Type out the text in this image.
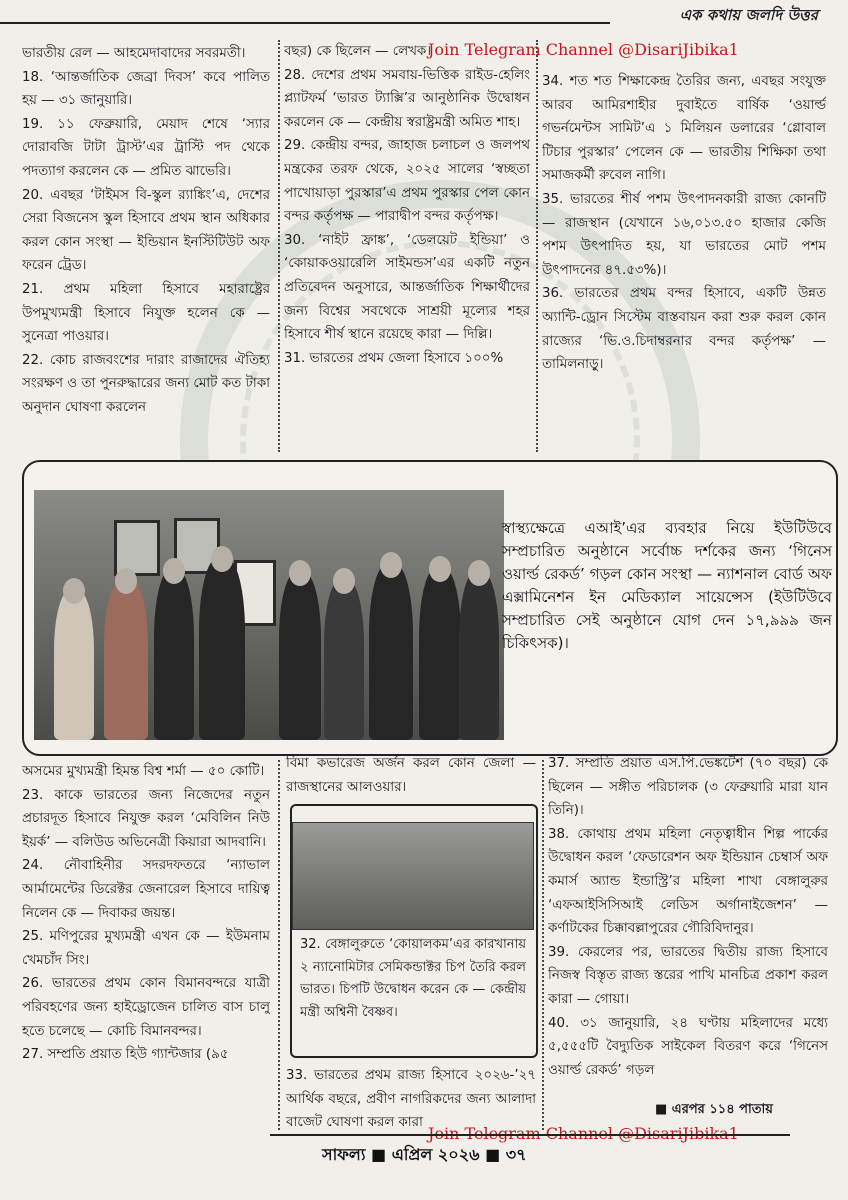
এক কথায় জলদি উত্তর
Join Telegram Channel @DisariJibika1

ভারতীয় রেল — আহমেদাবাদের সবরমতী।

18. ‘আন্তর্জাতিক জেব্রা দিবস’ কবে পালিত হয় — ৩১ জানুয়ারি।

19. ১১ ফেব্রুয়ারি, মেয়াদ শেষে ‘স্যার দোরাবজি টাটা ট্রাস্ট’এর ট্রাস্টি পদ থেকে পদত্যাগ করলেন কে — প্রমিত ঝাভেরি।

20. এবছর ‘টাইমস বি-স্কুল র‍্যাঙ্কিং’এ, দেশের সেরা বিজনেস স্কুল হিসাবে প্রথম স্থান অধিকার করল কোন সংস্থা — ইন্ডিয়ান ইনস্টিটিউট অফ ফরেন ট্রেড।

21. প্রথম মহিলা হিসাবে মহারাষ্ট্রের উপমুখ্যমন্ত্রী হিসাবে নিযুক্ত হলেন কে — সুনেত্রা পাওয়ার।

22. কোচ রাজবংশের দারাং রাজাদের ঐতিহ্য সংরক্ষণ ও তা পুনরুদ্ধারের জন্য মোট কত টাকা অনুদান ঘোষণা করলেন

বছর) কে ছিলেন — লেখক।

28. দেশের প্রথম সমবায়-ভিত্তিক রাইড-হেলিং প্ল্যাটফর্ম ‘ভারত ট্যাক্সি’র আনুষ্ঠানিক উদ্বোধন করলেন কে — কেন্দ্রীয় স্বরাষ্ট্রমন্ত্রী অমিত শাহ।

29. কেন্দ্রীয় বন্দর, জাহাজ চলাচল ও জলপথ মন্ত্রকের তরফ থেকে, ২০২৫ সালের ‘স্বচ্ছতা পাখোয়াড়া পুরস্কার’এ প্রথম পুরস্কার পেল কোন বন্দর কর্তৃপক্ষ — পারাদ্বীপ বন্দর কর্তৃপক্ষ।

30. ‘নাইট ফ্রাঙ্ক’, ‘ডেলয়েট ইন্ডিয়া’ ও ‘কোয়াকওয়ারেলি সাইমন্ডস’এর একটি নতুন প্রতিবেদন অনুসারে, আন্তর্জাতিক শিক্ষার্থীদের জন্য বিশ্বের সবথেকে সাশ্রয়ী মূল্যের শহর হিসাবে শীর্ষ স্থানে রয়েছে কারা — দিল্লি।

31. ভারতের প্রথম জেলা হিসাবে ১০০%

34. শত শত শিক্ষাকেন্দ্র তৈরির জন্য, এবছর সংযুক্ত আরব আমিরশাহীর দুবাইতে বার্ষিক ‘ওয়ার্ল্ড গভর্নমেন্টস সামিট’এ ১ মিলিয়ন ডলারের ‘গ্লোবাল টিচার পুরস্কার’ পেলেন কে — ভারতীয় শিক্ষিকা তথা সমাজকর্মী রুবেল নাগি।

35. ভারতের শীর্ষ পশম উৎপাদনকারী রাজ্য কোনটি — রাজস্থান (যেখানে ১৬,০১৩.৫০ হাজার কেজি পশম উৎপাদিত হয়, যা ভারতের মোট পশম উৎপাদনের ৪৭.৫৩%)।

36. ভারতের প্রথম বন্দর হিসাবে, একটি উন্নত অ্যান্টি-ড্রোন সিস্টেম বাস্তবায়ন করা শুরু করল কোন রাজ্যের ‘ভি.ও.চিদাম্বরনার বন্দর কর্তৃপক্ষ’ — তামিলনাড়ু।

স্বাস্থ্যক্ষেত্রে এআই’এর ব্যবহার নিয়ে ইউটিউবে সম্প্রচারিত অনুষ্ঠানে সর্বোচ্চ দর্শকের জন্য ‘গিনেস ওয়ার্ল্ড রেকর্ড’ গড়ল কোন সংস্থা — ন্যাশনাল বোর্ড অফ এক্সামিনেশন ইন মেডিক্যাল সায়েন্সেস (ইউটিউবে সম্প্রচারিত সেই অনুষ্ঠানে যোগ দেন ১৭,৯৯৯ জন চিকিৎসক)।

অসমের মুখ্যমন্ত্রী হিমন্ত বিশ্ব শর্মা — ৫০ কোটি।

23. কাকে ভারতের জন্য নিজেদের নতুন প্রচারদূত হিসাবে নিযুক্ত করল ‘মেবিলিন নিউ ইয়র্ক’ — বলিউড অভিনেত্রী কিয়ারা আদবানি।

24. নৌবাহিনীর সদরদফতরে ‘ন্যাভাল আর্মামেন্টের ডিরেক্টর জেনারেল হিসাবে দায়িত্ব নিলেন কে — দিবাকর জয়ন্ত।

25. মণিপুরের মুখ্যমন্ত্রী এখন কে — ইউমনাম খেমচাঁদ সিং।

26. ভারতের প্রথম কোন বিমানবন্দরে যাত্রী পরিবহণের জন্য হাইড্রোজেন চালিত বাস চালু হতে চলেছে — কোচি বিমানবন্দর।

27. সম্প্রতি প্রয়াত হিউ গ্যান্টজার (৯৫

বিমা কভারেজ অর্জন করল কোন জেলা — রাজস্থানের আলওয়ার।

32. বেঙ্গালুরুতে ‘কোয়ালকম’এর কারখানায় ২ ন্যানোমিটার সেমিকন্ডাক্টর চিপ তৈরি করল ভারত। চিপটি উদ্বোধন করেন কে — কেন্দ্রীয় মন্ত্রী অশ্বিনী বৈষ্ণব।

33. ভারতের প্রথম রাজ্য হিসাবে ২০২৬-’২৭ আর্থিক বছরে, প্রবীণ নাগরিকদের জন্য আলাদা বাজেট ঘোষণা করল কারা

37. সম্প্রতি প্রয়াত এস.পি.ভেঙ্কটেশ (৭০ বছর) কে ছিলেন — সঙ্গীত পরিচালক (৩ ফেব্রুয়ারি মারা যান তিনি)।

38. কোথায় প্রথম মহিলা নেতৃত্বাধীন শিল্প পার্কের উদ্বোধন করল ‘ফেডারেশন অফ ইন্ডিয়ান চেম্বার্স অফ কমার্স অ্যান্ড ইন্ডাস্ট্রি’র মহিলা শাখা বেঙ্গালুরুর ‘এফআইসিসিআই লেডিস অর্গানাইজেশন’ — কর্ণাটকের চিক্কাবল্লাপুরের গৌরিবিদানুর।

39. কেরলের পর, ভারতের দ্বিতীয় রাজ্য হিসাবে নিজস্ব বিস্তৃত রাজ্য স্তরের পাখি মানচিত্র প্রকাশ করল কারা — গোয়া।

40. ৩১ জানুয়ারি, ২৪ ঘণ্টায় মহিলাদের মধ্যে ৫,৫৫৫টি বৈদ্যুতিক সাইকেল বিতরণ করে ‘গিনেস ওয়ার্ল্ড রেকর্ড’ গড়ল

■ এরপর ১১৪ পাতায়
Join Telegram Channel @DisariJibika1
সাফল্য ■ এপ্রিল ২০২৬ ■ ৩৭
